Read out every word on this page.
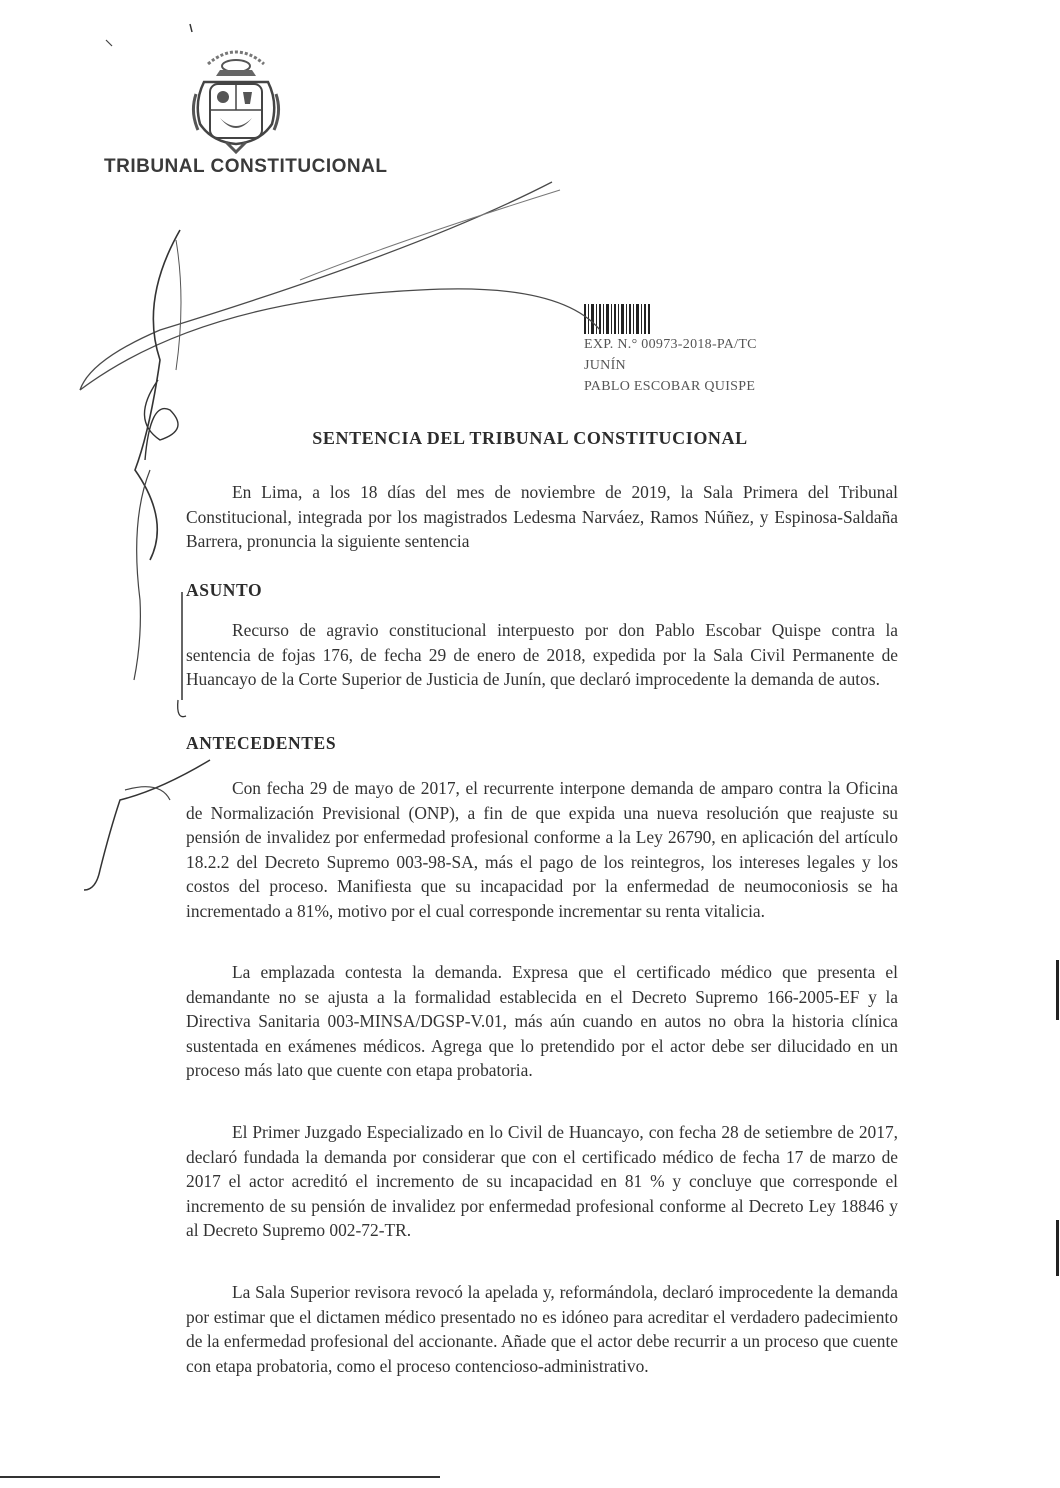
TRIBUNAL CONSTITUCIONAL
EXP. N.° 00973-2018-PA/TC
JUNÍN
PABLO ESCOBAR QUISPE
SENTENCIA DEL TRIBUNAL CONSTITUCIONAL

En Lima, a los 18 días del mes de noviembre de 2019, la Sala Primera del Tribunal Constitucional, integrada por los magistrados Ledesma Narváez, Ramos Núñez, y Espinosa-Saldaña Barrera, pronuncia la siguiente sentencia

ASUNTO

Recurso de agravio constitucional interpuesto por don Pablo Escobar Quispe contra la sentencia de fojas 176, de fecha 29 de enero de 2018, expedida por la Sala Civil Permanente de Huancayo de la Corte Superior de Justicia de Junín, que declaró improcedente la demanda de autos.

ANTECEDENTES

Con fecha 29 de mayo de 2017, el recurrente interpone demanda de amparo contra la Oficina de Normalización Previsional (ONP), a fin de que expida una nueva resolución que reajuste su pensión de invalidez por enfermedad profesional conforme a la Ley 26790, en aplicación del artículo 18.2.2 del Decreto Supremo 003-98-SA, más el pago de los reintegros, los intereses legales y los costos del proceso. Manifiesta que su incapacidad por la enfermedad de neumoconiosis se ha incrementado a 81%, motivo por el cual corresponde incrementar su renta vitalicia.

La emplazada contesta la demanda. Expresa que el certificado médico que presenta el demandante no se ajusta a la formalidad establecida en el Decreto Supremo 166-2005-EF y la Directiva Sanitaria 003-MINSA/DGSP-V.01, más aún cuando en autos no obra la historia clínica sustentada en exámenes médicos. Agrega que lo pretendido por el actor debe ser dilucidado en un proceso más lato que cuente con etapa probatoria.

El Primer Juzgado Especializado en lo Civil de Huancayo, con fecha 28 de setiembre de 2017, declaró fundada la demanda por considerar que con el certificado médico de fecha 17 de marzo de 2017 el actor acreditó el incremento de su incapacidad en 81 % y concluye que corresponde el incremento de su pensión de invalidez por enfermedad profesional conforme al Decreto Ley 18846 y al Decreto Supremo 002-72-TR.

La Sala Superior revisora revocó la apelada y, reformándola, declaró improcedente la demanda por estimar que el dictamen médico presentado no es idóneo para acreditar el verdadero padecimiento de la enfermedad profesional del accionante. Añade que el actor debe recurrir a un proceso que cuente con etapa probatoria, como el proceso contencioso-administrativo.
